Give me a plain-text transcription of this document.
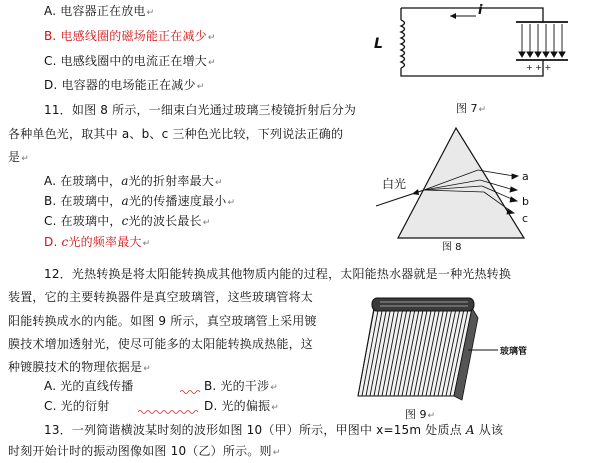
A. 电容器正在放电↵
B. 电感线圈的磁场能正在减少↵
C. 电感线圈中的电流正在增大↵
D. 电容器的电场能正在减少↵
+ + +
i
L
图 7↵
11．如图 8 所示，一细束白光通过玻璃三棱镜折射后分为
各种单色光，取其中 a、b、c 三种色光比较，下列说法正确的
是↵
A. 在玻璃中，a光的折射率最大↵
B. 在玻璃中，a光的传播速度最小↵
C. 在玻璃中，c光的波长最长↵
D. c光的频率最大↵
白光
a
b
c
图 8
12．光热转换是将太阳能转换成其他物质内能的过程，太阳能热水器就是一种光热转换
装置，它的主要转换器件是真空玻璃管，这些玻璃管将太
阳能转换成水的内能。如图 9 所示，真空玻璃管上采用镀
膜技术增加透射光，使尽可能多的太阳能转换成热能，这
种镀膜技术的物理依据是↵
A. 光的直线传播	B. 光的干涉↵
C. 光的衍射	D. 光的偏振↵
玻璃管
图 9↵
13．一列简谐横波某时刻的波形如图 10（甲）所示，甲图中 x=15m 处质点 A 从该
时刻开始计时的振动图像如图 10（乙）所示。则↵
